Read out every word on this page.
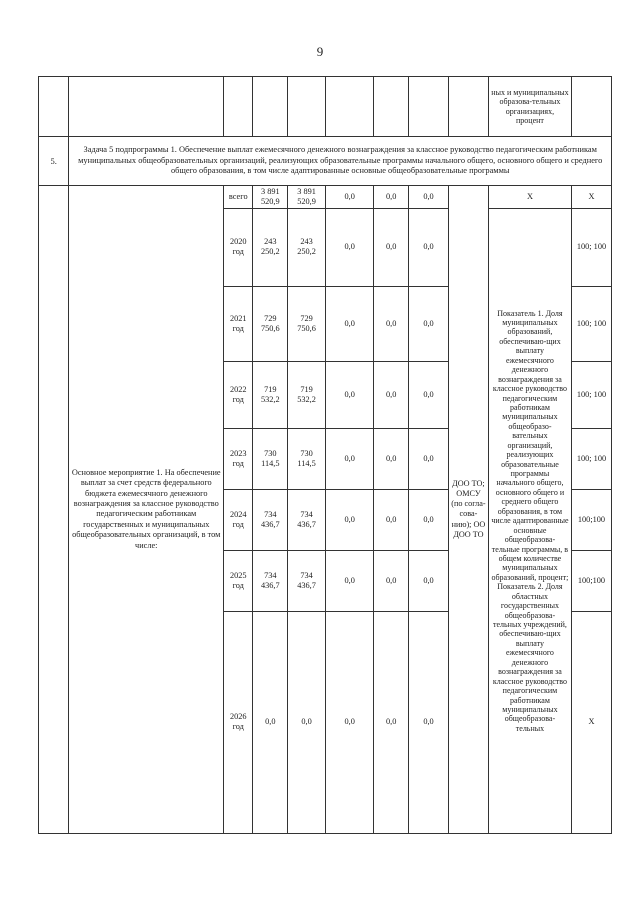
9
									ных и муниципальных образова-тельных организациях, процент	
5.	Задача 5 подпрограммы 1. Обеспечение выплат ежемесячного денежного вознаграждения за классное руководство педагогическим работникам муниципальных общеобразовательных организаций, реализующих образовательные программы начального общего, основного общего и среднего общего образования, в том числе адаптированные основные общеобразовательные программы									
	Основное мероприятие 1. На обеспечение выплат за счет средств федерального бюджета ежемесячного денежного вознаграждения за классное руководство педагогическим работникам государственных и муниципальных общеобразовательных организаций, в том числе:	всего	3 891 520,9	3 891 520,9	0,0	0,0	0,0	ДОО ТО; ОМСУ (по согла-сова-нию); ОО ДОО ТО	Х	Х
		2020 год	243 250,2	243 250,2	0,0	0,0	0,0		Показатель 1. Доля муниципальных образований, обеспечиваю-щих выплату ежемесячного денежного вознаграждения за классное руководство педагогическим работникам муниципальных общеобразо-вательных организаций, реализующих образовательные программы начального общего, основного общего и среднего общего образования, в том числе адаптированные основные общеобразова-тельные программы, в общем количестве муниципальных образований, процент; Показатель 2. Доля областных государственных общеобразова-тельных учреждений, обеспечиваю-щих выплату ежемесячного денежного вознаграждения за классное руководство педагогическим работникам муниципальных общеобразова-тельных	100; 100
		2021 год	729 750,6	729 750,6	0,0	0,0	0,0			100; 100
		2022 год	719 532,2	719 532,2	0,0	0,0	0,0			100; 100
		2023 год	730 114,5	730 114,5	0,0	0,0	0,0			100; 100
		2024 год	734 436,7	734 436,7	0,0	0,0	0,0			100;100
		2025 год	734 436,7	734 436,7	0,0	0,0	0,0			100;100
		2026 год	0,0	0,0	0,0	0,0	0,0			Х
